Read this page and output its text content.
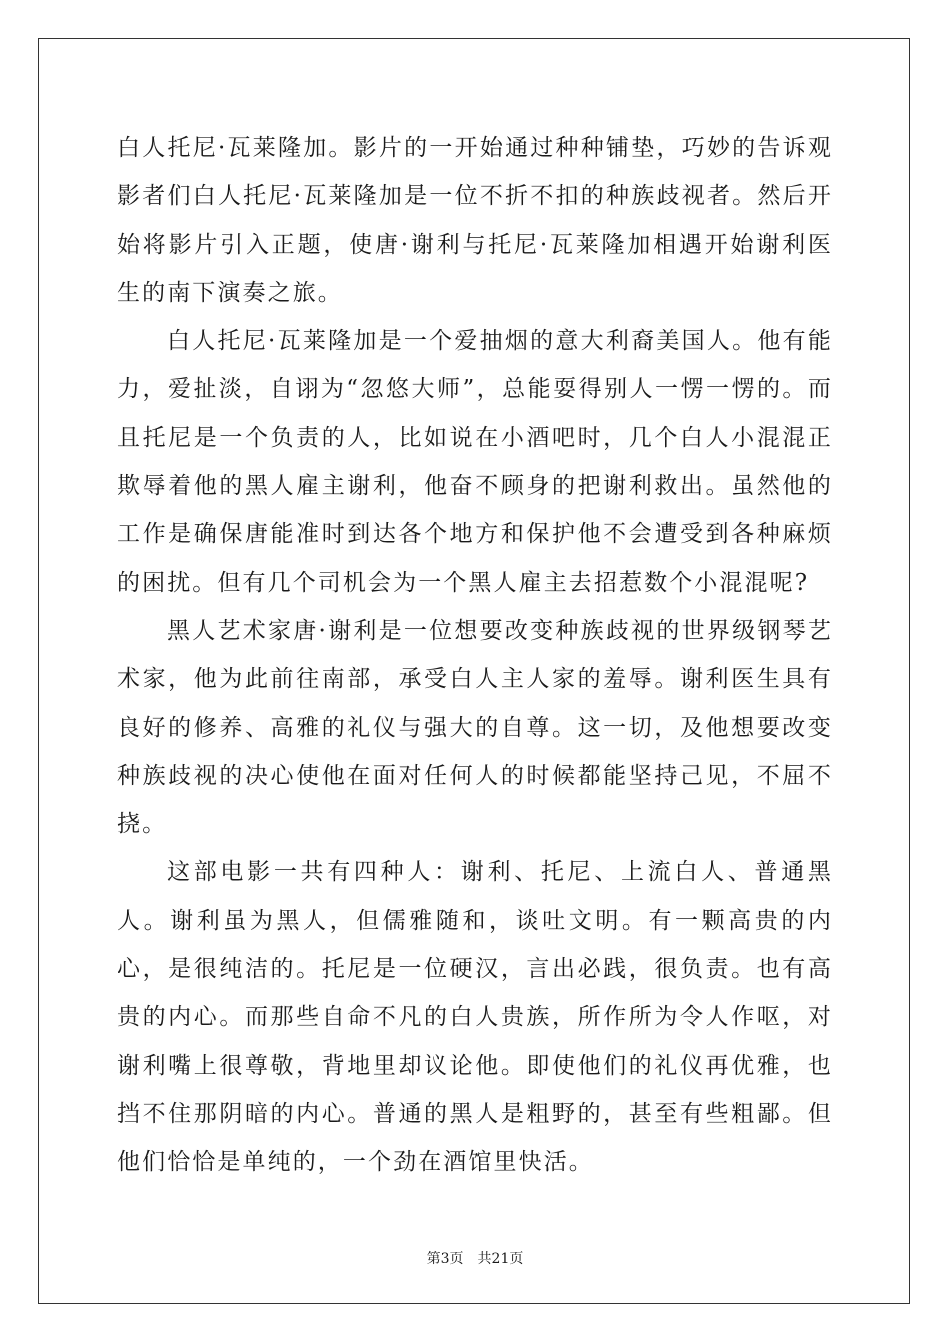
白人托尼·瓦莱隆加。影片的一开始通过种种铺垫，巧妙的告诉观影者们白人托尼·瓦莱隆加是一位不折不扣的种族歧视者。然后开始将影片引入正题，使唐·谢利与托尼·瓦莱隆加相遇开始谢利医生的南下演奏之旅。

白人托尼·瓦莱隆加是一个爱抽烟的意大利裔美国人。他有能力，爱扯淡，自诩为“忽悠大师”，总能耍得别人一愣一愣的。而且托尼是一个负责的人，比如说在小酒吧时，几个白人小混混正欺辱着他的黑人雇主谢利，他奋不顾身的把谢利救出。虽然他的工作是确保唐能准时到达各个地方和保护他不会遭受到各种麻烦的困扰。但有几个司机会为一个黑人雇主去招惹数个小混混呢?

黑人艺术家唐·谢利是一位想要改变种族歧视的世界级钢琴艺术家，他为此前往南部，承受白人主人家的羞辱。谢利医生具有良好的修养、高雅的礼仪与强大的自尊。这一切，及他想要改变种族歧视的决心使他在面对任何人的时候都能坚持己见，不屈不挠。

这部电影一共有四种人：谢利、托尼、上流白人、普通黑人。谢利虽为黑人，但儒雅随和，谈吐文明。有一颗高贵的内心，是很纯洁的。托尼是一位硬汉，言出必践，很负责。也有高贵的内心。而那些自命不凡的白人贵族，所作所为令人作呕，对谢利嘴上很尊敬，背地里却议论他。即使他们的礼仪再优雅，也挡不住那阴暗的内心。普通的黑人是粗野的，甚至有些粗鄙。但他们恰恰是单纯的，一个劲在酒馆里快活。

第3页 共21页
